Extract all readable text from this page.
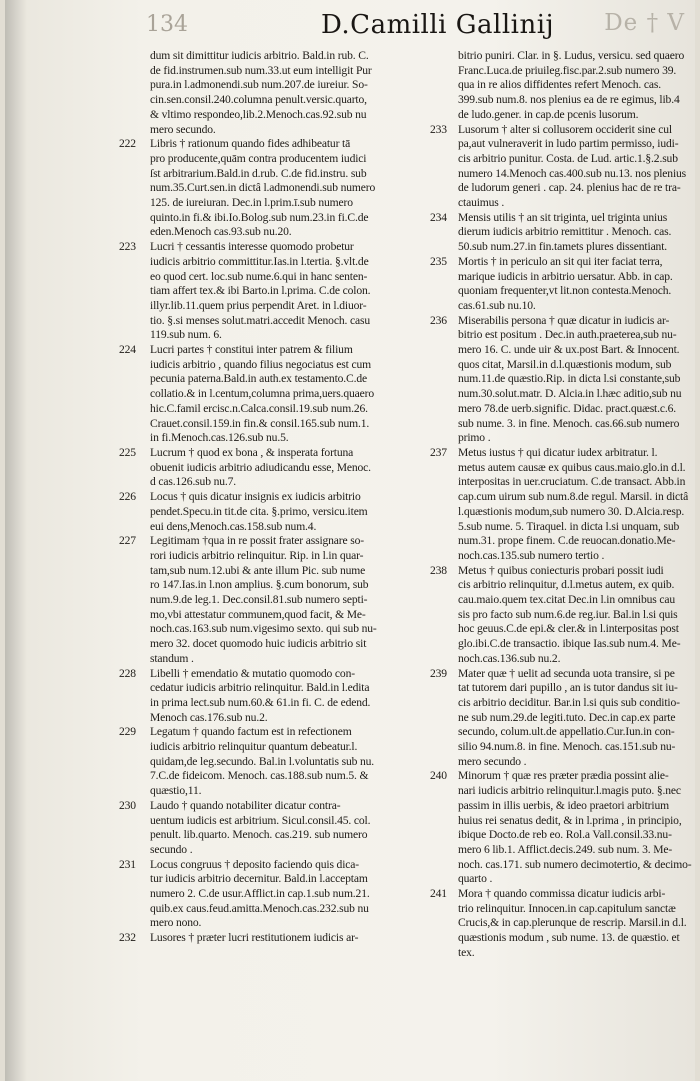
De † V
134	D.Camilli Gallinij
dum sit dimittitur iudicis arbitrio. Bald.in rub. C.
de fid.instrumen.sub num.33.ut eum intelligit Pur
pura.in l.admonendi.sub num.207.de iureiur. So-
cin.sen.consil.240.columna penult.versic.quarto,
& vltimo respondeo,lib.2.Menoch.cas.92.sub nu
mero secundo.
222 Libris † rationum quando fides adhibeatur tā
pro producente,quām contra producentem iudici
ſst arbitrarium.Bald.in d.rub. C.de fid.instru. sub
num.35.Curt.sen.in dictâ l.admonendi.sub numero
125. de iureiuran. Dec.in l.prim.ī.sub numero
quinto.in fi.& ibi.Io.Bolog.sub num.23.in fi.C.de
eden.Menoch cas.93.sub nu.20.
223 Lucri † cessantis interesse quomodo probetur
iudicis arbitrio committitur.Ias.in l.tertia. §.vlt.de
eo quod cert. loc.sub nume.6.qui in hanc senten-
tiam affert tex.& ibi Barto.in l.prima. C.de colon.
illyr.lib.11.quem prius perpendit Aret. in l.diuor-
tio. §.si menses solut.matri.accedit Menoch. casu
119.sub num. 6.
224 Lucri partes † constitui inter patrem & filium
iudicis arbitrio , quando filius negociatus est cum
pecunia paterna.Bald.in auth.ex testamento.C.de
collatio.& in l.centum,columna prima,uers.quaero
hic.C.famil ercisc.n.Calca.consil.19.sub num.26.
Crauet.consil.159.in fin.& consil.165.sub num.1.
in fi.Menoch.cas.126.sub nu.5.
225 Lucrum † quod ex bona , & insperata fortuna
obuenit iudicis arbitrio adiudicandu esse, Menoc.
d cas.126.sub nu.7.
226 Locus † quis dicatur insignis ex iudicis arbitrio
pendet.Specu.in tit.de cita. §.primo, versicu.item
eui dens,Menoch.cas.158.sub num.4.
227 Legitimam †qua in re possit frater assignare so-
rori iudicis arbitrio relinquitur. Rip. in l.in quar-
tam,sub num.12.ubi & ante illum Pic. sub nume
ro 147.Ias.in l.non amplius. §.cum bonorum, sub
num.9.de leg.1. Dec.consil.81.sub numero septi-
mo,vbi attestatur communem,quod facit, & Me-
noch.cas.163.sub num.vigesimo sexto. qui sub nu-
mero 32. docet quomodo huic iudicis arbitrio sit
standum .
228 Libelli † emendatio & mutatio quomodo con-
cedatur iudicis arbitrio relinquitur. Bald.in l.edita
in prima lect.sub num.60.& 61.in fi. C. de edend.
Menoch cas.176.sub nu.2.
229 Legatum † quando factum est in refectionem
iudicis arbitrio relinquitur quantum debeatur.l.
quidam,de leg.secundo. Bal.in l.voluntatis sub nu.
7.C.de fideicom. Menoch. cas.188.sub num.5. &
quæstio,11.
230 Laudo † quando notabiliter dicatur contra-
uentum iudicis est arbitrium. Sicul.consil.45. col.
penult. lib.quarto. Menoch. cas.219. sub numero
secundo .
231 Locus congruus † deposito faciendo quis dica-
tur iudicis arbitrio decernitur. Bald.in l.acceptam
numero 2. C.de usur.Afflict.in cap.1.sub num.21.
quib.ex caus.feud.amitta.Menoch.cas.232.sub nu
mero nono.
232 Lusores † præter lucri restitutionem iudicis ar-
bitrio puniri. Clar. in §. Ludus, versicu. sed quaero
Franc.Luca.de priuileg.fisc.par.2.sub numero 39.
qua in re alios diffidentes refert Menoch. cas.
399.sub num.8. nos plenius ea de re egimus, lib.4
de ludo.gener. in cap.de pcenis lusorum.
233 Lusorum † alter si collusorem occiderit sine cul
pa,aut vulneraverit in ludo partim permisso, iudi-
cis arbitrio punitur. Costa. de Lud. artic.1.§.2.sub
numero 14.Menoch cas.400.sub nu.13. nos plenius
de ludorum generi . cap. 24. plenius hac de re tra-
ctauimus .
234 Mensis utilis † an sit triginta, uel triginta unius
dierum iudicis arbitrio remittitur . Menoch. cas.
50.sub num.27.in fin.tamets plures dissentiant.
235 Mortis † in periculo an sit qui iter faciat terra,
marique iudicis in arbitrio uersatur. Abb. in cap.
quoniam frequenter,vt lit.non contesta.Menoch.
cas.61.sub nu.10.
236 Miserabilis persona † quæ dicatur in iudicis ar-
bitrio est positum . Dec.in auth.praeterea,sub nu-
mero 16. C. unde uir & ux.post Bart. & Innocent.
quos citat, Marsil.in d.l.quæstionis modum, sub
num.11.de quæstio.Rip. in dicta l.si constante,sub
num.30.solut.matr. D. Alcia.in l.hæc aditio,sub nu
mero 78.de uerb.signific. Didac. pract.quæst.c.6.
sub nume. 3. in fine. Menoch. cas.66.sub numero
primo .
237 Metus iustus † qui dicatur iudex arbitratur. l.
metus autem causæ ex quibus caus.maio.glo.in d.l.
interpositas in uer.cruciatum. C.de transact. Abb.in
cap.cum uirum sub num.8.de regul. Marsil. in dictâ
l.quæstionis modum,sub numero 30. D.Alcia.resp.
5.sub nume. 5. Tiraquel. in dicta l.si unquam, sub
num.31. prope finem. C.de reuocan.donatio.Me-
noch.cas.135.sub numero tertio .
238 Metus † quibus coniecturis probari possit iudi
cis arbitrio relinquitur, d.l.metus autem, ex quib.
cau.maio.quem tex.citat Dec.in l.in omnibus cau
sis pro facto sub num.6.de reg.iur. Bal.in l.si quis
hoc geuus.C.de epi.& cler.& in l.interpositas post
glo.ibi.C.de transactio. ibique Ias.sub num.4. Me-
noch.cas.136.sub nu.2.
239 Mater quæ † uelit ad secunda uota transire, si pe
tat tutorem dari pupillo , an is tutor dandus sit iu-
cis arbitrio deciditur. Bar.in l.si quis sub conditio-
ne sub num.29.de legiti.tuto. Dec.in cap.ex parte
secundo, colum.ult.de appellatio.Cur.Iun.in con-
silio 94.num.8. in fine. Menoch. cas.151.sub nu-
mero secundo .
240 Minorum † quæ res præter prædia possint alie-
nari iudicis arbitrio relinquitur.l.magis puto. §.nec
passim in illis uerbis, & ideo praetori arbitrium
huius rei senatus dedit, & in l.prima , in principio,
ibique Docto.de reb eo. Rol.a Vall.consil.33.nu-
mero 6 lib.1. Afflict.decis.249. sub num. 3. Me-
noch. cas.171. sub numero decimotertio, & decimo-
quarto .
241 Mora † quando commissa dicatur iudicis arbi-
trio relinquitur. Innocen.in cap.capitulum sanctæ
Crucis,& in cap.plerunque de rescrip. Marsil.in d.l.
quæstionis modum , sub nume. 13. de quæstio. et
tex.
